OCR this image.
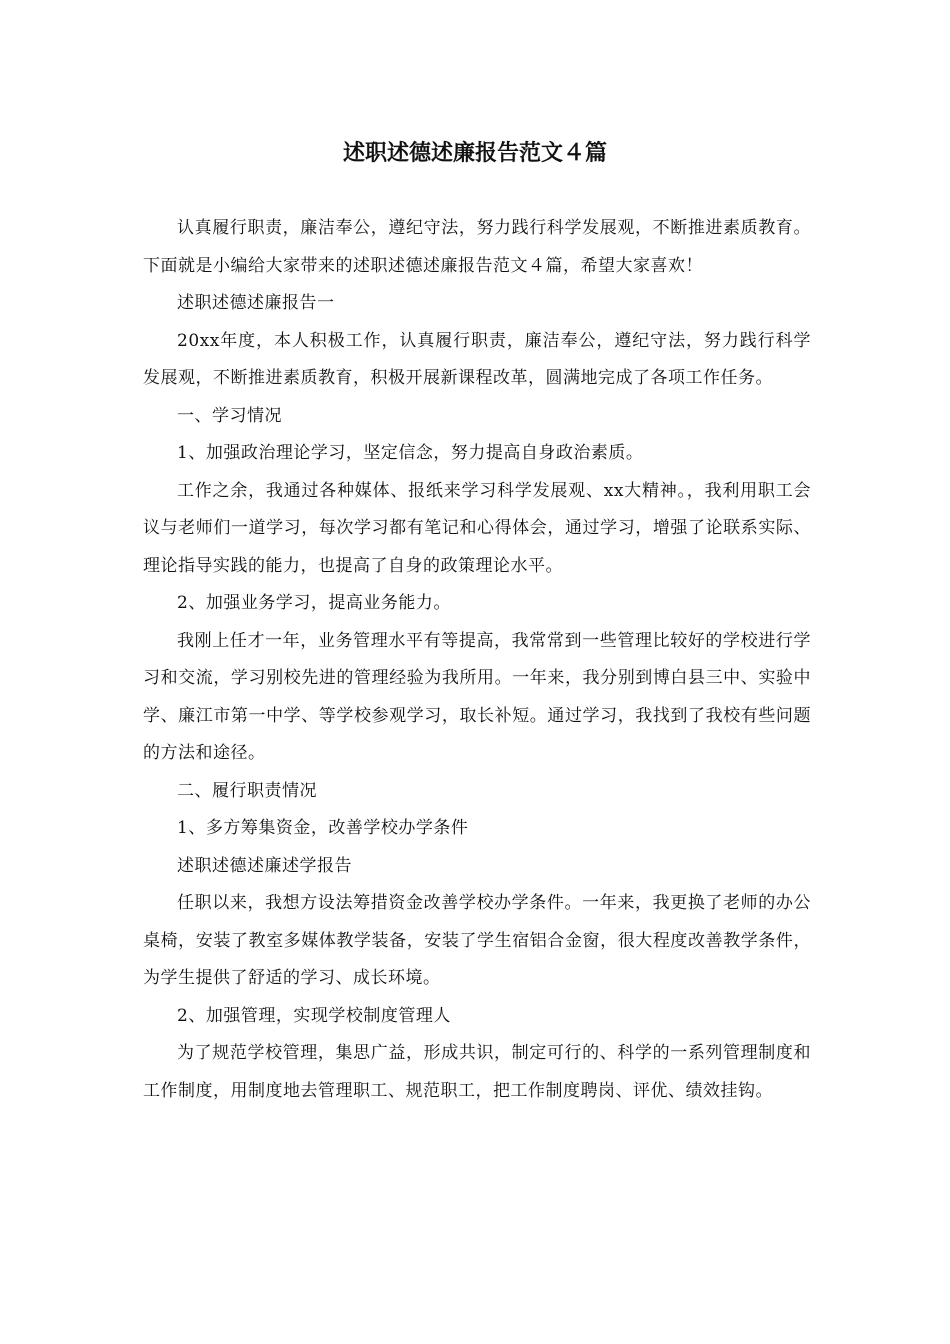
述职述德述廉报告范文４篇

认真履行职责，廉洁奉公，遵纪守法，努力践行科学发展观，不断推进素质教育。下面就是小编给大家带来的述职述德述廉报告范文４篇，希望大家喜欢！

述职述德述廉报告一

20xx年度，本人积极工作，认真履行职责，廉洁奉公，遵纪守法，努力践行科学发展观，不断推进素质教育，积极开展新课程改革，圆满地完成了各项工作任务。

一、学习情况

1、加强政治理论学习，坚定信念，努力提高自身政治素质。

工作之余，我通过各种媒体、报纸来学习科学发展观、xx大精神。，我利用职工会议与老师们一道学习，每次学习都有笔记和心得体会，通过学习，增强了论联系实际、理论指导实践的能力，也提高了自身的政策理论水平。

2、加强业务学习，提高业务能力。

我刚上任才一年，业务管理水平有等提高，我常常到一些管理比较好的学校进行学习和交流，学习别校先进的管理经验为我所用。一年来，我分别到博白县三中、实验中学、廉江市第一中学、等学校参观学习，取长补短。通过学习，我找到了我校有些问题的方法和途径。

二、履行职责情况

1、多方筹集资金，改善学校办学条件

述职述德述廉述学报告

任职以来，我想方设法筹措资金改善学校办学条件。一年来，我更换了老师的办公桌椅，安装了教室多媒体教学装备，安装了学生宿铝合金窗，很大程度改善教学条件，为学生提供了舒适的学习、成长环境。

2、加强管理，实现学校制度管理人

为了规范学校管理，集思广益，形成共识，制定可行的、科学的一系列管理制度和工作制度，用制度地去管理职工、规范职工，把工作制度聘岗、评优、绩效挂钩。
